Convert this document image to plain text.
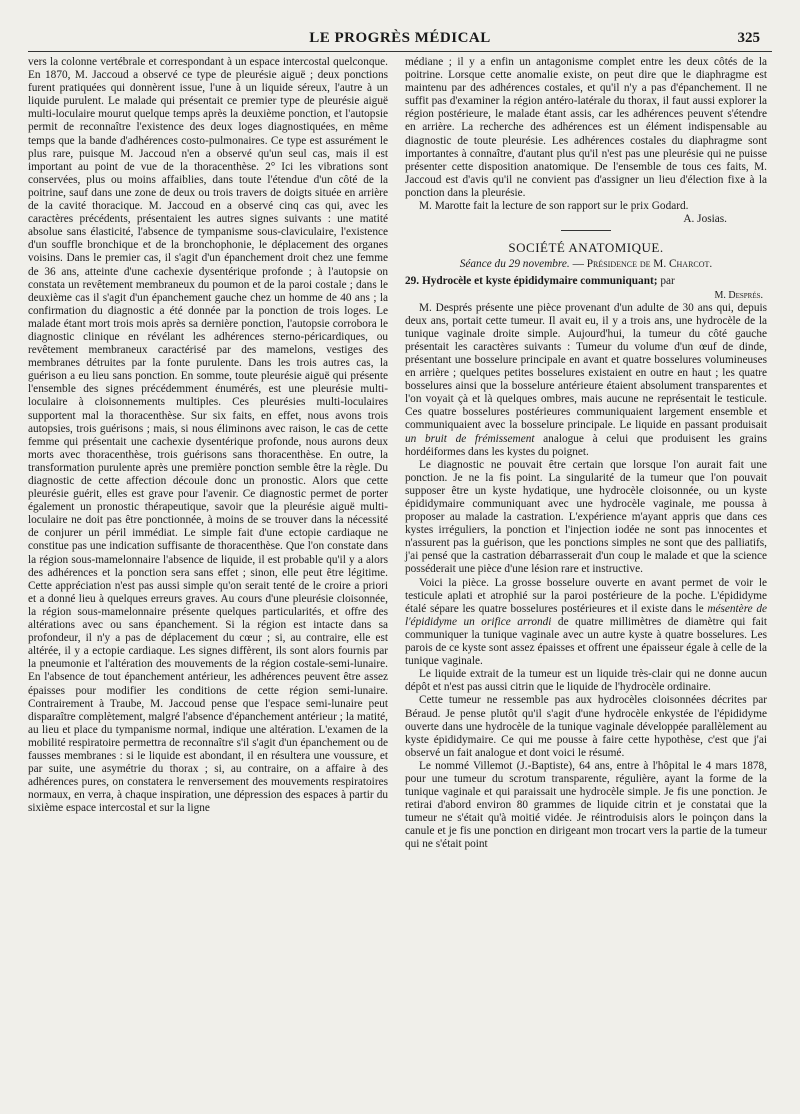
LE PROGRÈS MÉDICAL	325

vers la colonne vertébrale et correspondant à un espace intercostal quelconque. En 1870, M. Jaccoud a observé ce type de pleurésie aiguë ; deux ponctions furent pratiquées qui donnèrent issue, l'une à un liquide séreux, l'autre à un liquide purulent. Le malade qui présentait ce premier type de pleurésie aiguë multi-loculaire mourut quelque temps après la deuxième ponction, et l'autopsie permit de reconnaître l'existence des deux loges diagnostiquées, en même temps que la bande d'adhérences costo-pulmonaires. Ce type est assurément le plus rare, puisque M. Jaccoud n'en a observé qu'un seul cas, mais il est important au point de vue de la thoracenthèse. 2° Ici les vibrations sont conservées, plus ou moins affaiblies, dans toute l'étendue d'un côté de la poitrine, sauf dans une zone de deux ou trois travers de doigts située en arrière de la cavité thoracique. M. Jaccoud en a observé cinq cas qui, avec les caractères précédents, présentaient les autres signes suivants : une matité absolue sans élasticité, l'absence de tympanisme sous-claviculaire, l'existence d'un souffle bronchique et de la bronchophonie, le déplacement des organes voisins. Dans le premier cas, il s'agit d'un épanchement droit chez une femme de 36 ans, atteinte d'une cachexie dysentérique profonde ; à l'autopsie on constata un revêtement membraneux du poumon et de la paroi costale ; dans le deuxième cas il s'agit d'un épanchement gauche chez un homme de 40 ans ; la confirmation du diagnostic a été donnée par la ponction de trois loges. Le malade étant mort trois mois après sa dernière ponction, l'autopsie corrobora le diagnostic clinique en révélant les adhérences sterno-péricardiques, ou revêtement membraneux caractérisé par des mamelons, vestiges des membranes détruites par la fonte purulente. Dans les trois autres cas, la guérison a eu lieu sans ponction. En somme, toute pleurésie aiguë qui présente l'ensemble des signes précédemment énumérés, est une pleurésie multi-loculaire à cloisonnements multiples. Ces pleurésies multi-loculaires supportent mal la thoracenthèse. Sur six faits, en effet, nous avons trois autopsies, trois guérisons ; mais, si nous éliminons avec raison, le cas de cette femme qui présentait une cachexie dysentérique profonde, nous aurons deux morts avec thoracenthèse, trois guérisons sans thoracenthèse. En outre, la transformation purulente après une première ponction semble être la règle. Du diagnostic de cette affection découle donc un pronostic. Alors que cette pleurésie guérit, elles est grave pour l'avenir. Ce diagnostic permet de porter également un pronostic thérapeutique, savoir que la pleurésie aiguë multi-loculaire ne doit pas être ponctionnée, à moins de se trouver dans la nécessité de conjurer un péril immédiat. Le simple fait d'une ectopie cardiaque ne constitue pas une indication suffisante de thoracenthèse. Que l'on constate dans la région sous-mamelonnaire l'absence de liquide, il est probable qu'il y a alors des adhérences et la ponction sera sans effet ; sinon, elle peut être légitime. Cette appréciation n'est pas aussi simple qu'on serait tenté de le croire a priori et a donné lieu à quelques erreurs graves. Au cours d'une pleurésie cloisonnée, la région sous-mamelonnaire présente quelques particularités, et offre des altérations avec ou sans épanchement. Si la région est intacte dans sa profondeur, il n'y a pas de déplacement du cœur ; si, au contraire, elle est altérée, il y a ectopie cardiaque. Les signes diffèrent, ils sont alors fournis par la pneumonie et l'altération des mouvements de la région costale-semi-lunaire. En l'absence de tout épanchement antérieur, les adhérences peuvent être assez épaisses pour modifier les conditions de cette région semi-lunaire. Contrairement à Traube, M. Jaccoud pense que l'espace semi-lunaire peut disparaître complètement, malgré l'absence d'épanchement antérieur ; la matité, au lieu et place du tympanisme normal, indique une altération. L'examen de la mobilité respiratoire permettra de reconnaître s'il s'agit d'un épanchement ou de fausses membranes : si le liquide est abondant, il en résultera une voussure, et par suite, une asymétrie du thorax ; si, au contraire, on a affaire à des adhérences pures, on constatera le renversement des mouvements respiratoires normaux, en verra, à chaque inspiration, une dépression des espaces à partir du sixième espace intercostal et sur la ligne

médiane ; il y a enfin un antagonisme complet entre les deux côtés de la poitrine. Lorsque cette anomalie existe, on peut dire que le diaphragme est maintenu par des adhérences costales, et qu'il n'y a pas d'épanchement. Il ne suffit pas d'examiner la région antéro-latérale du thorax, il faut aussi explorer la région postérieure, le malade étant assis, car les adhérences peuvent s'étendre en arrière. La recherche des adhérences est un élément indispensable au diagnostic de toute pleurésie. Les adhérences costales du diaphragme sont importantes à connaître, d'autant plus qu'il n'est pas une pleurésie qui ne puisse présenter cette disposition anatomique. De l'ensemble de tous ces faits, M. Jaccoud est d'avis qu'il ne convient pas d'assigner un lieu d'élection fixe à la ponction dans la pleurésie.

M. Marotte fait la lecture de son rapport sur le prix Godard.

A. Josias.
SOCIÉTÉ ANATOMIQUE.
Séance du 29 novembre. — Présidence de M. Charcot.
29. Hydrocèle et kyste épididymaire communiquant; par
M. Després.

M. Després présente une pièce provenant d'un adulte de 30 ans qui, depuis deux ans, portait cette tumeur. Il avait eu, il y a trois ans, une hydrocèle de la tunique vaginale droite simple. Aujourd'hui, la tumeur du côté gauche présentait les caractères suivants : Tumeur du volume d'un œuf de dinde, présentant une bosselure principale en avant et quatre bosselures volumineuses en arrière ; quelques petites bosselures existaient en outre en haut ; les quatre bosselures ainsi que la bosselure antérieure étaient absolument transparentes et l'on voyait çà et là quelques ombres, mais aucune ne représentait le testicule. Ces quatre bosselures postérieures communiquaient largement ensemble et communiquaient avec la bosselure principale. Le liquide en passant produisait un bruit de frémissement analogue à celui que produisent les grains hordéiformes dans les kystes du poignet.

Le diagnostic ne pouvait être certain que lorsque l'on aurait fait une ponction. Je ne la fis point. La singularité de la tumeur que l'on pouvait supposer être un kyste hydatique, une hydrocèle cloisonnée, ou un kyste épididymaire communiquant avec une hydrocèle vaginale, me poussa à proposer au malade la castration. L'expérience m'ayant appris que dans ces kystes irréguliers, la ponction et l'injection iodée ne sont pas innocentes et n'assurent pas la guérison, que les ponctions simples ne sont que des palliatifs, j'ai pensé que la castration débarrasserait d'un coup le malade et que la science posséderait une pièce d'une lésion rare et instructive.

Voici la pièce. La grosse bosselure ouverte en avant permet de voir le testicule aplati et atrophié sur la paroi postérieure de la poche. L'épididyme étalé sépare les quatre bosselures postérieures et il existe dans le mésentère de l'épididyme un orifice arrondi de quatre millimètres de diamètre qui fait communiquer la tunique vaginale avec un autre kyste à quatre bosselures. Les parois de ce kyste sont assez épaisses et offrent une épaisseur égale à celle de la tunique vaginale.

Le liquide extrait de la tumeur est un liquide très-clair qui ne donne aucun dépôt et n'est pas aussi citrin que le liquide de l'hydrocèle ordinaire.

Cette tumeur ne ressemble pas aux hydrocèles cloisonnées décrites par Béraud. Je pense plutôt qu'il s'agit d'une hydrocèle enkystée de l'épididyme ouverte dans une hydrocèle de la tunique vaginale développée parallèlement au kyste épididymaire. Ce qui me pousse à faire cette hypothèse, c'est que j'ai observé un fait analogue et dont voici le résumé.

Le nommé Villemot (J.-Baptiste), 64 ans, entre à l'hôpital le 4 mars 1878, pour une tumeur du scrotum transparente, régulière, ayant la forme de la tunique vaginale et qui paraissait une hydrocèle simple. Je fis une ponction. Je retirai d'abord environ 80 grammes de liquide citrin et je constatai que la tumeur ne s'était qu'à moitié vidée. Je réintroduisis alors le poinçon dans la canule et je fis une ponction en dirigeant mon trocart vers la partie de la tumeur qui ne s'était point
